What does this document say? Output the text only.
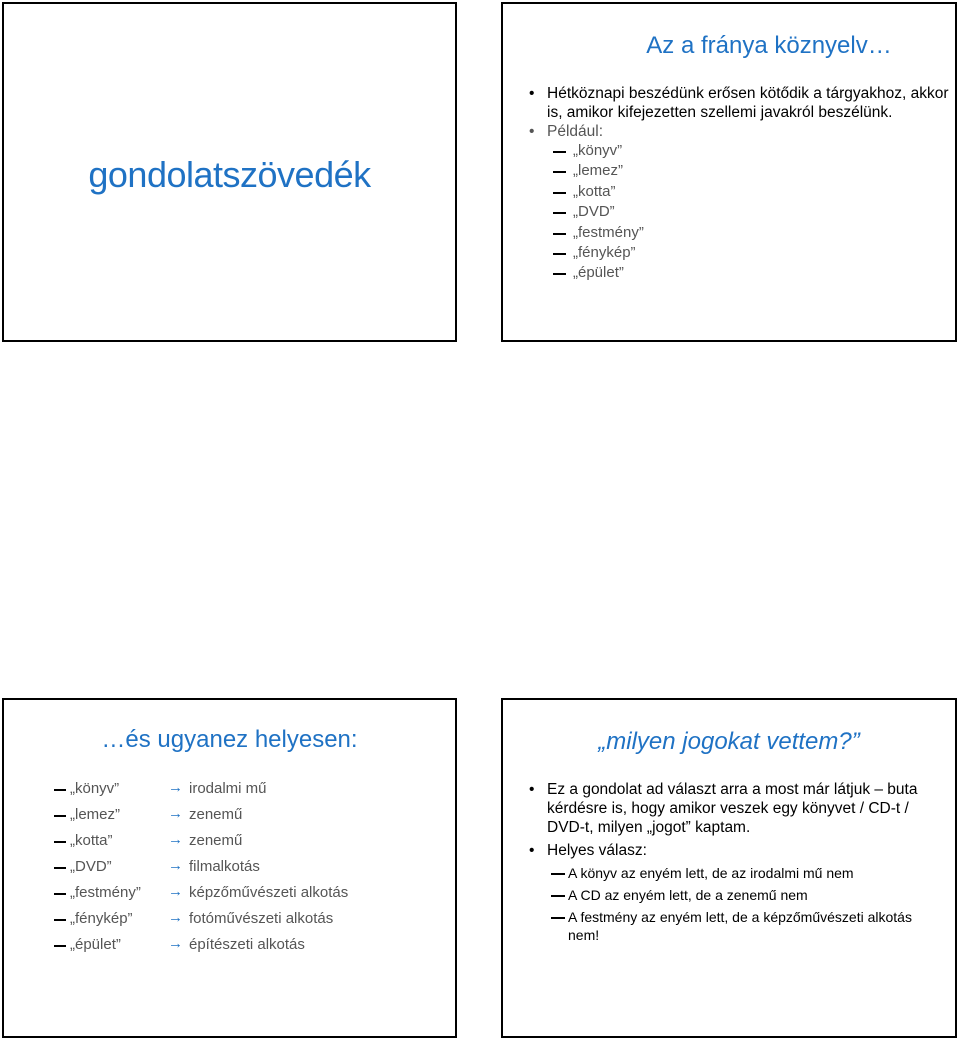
gondolatszövedék
Az a fránya köznyelv…
• Hétköznapi beszédünk erősen kötődik a tárgyakhoz, akkor is, amikor kifejezetten szellemi javakról beszélünk.
• Például:
„könyv”
„lemez”
„kotta”
„DVD”
„festmény”
„fénykép”
„épület”
…és ugyanez helyesen:
„könyv”	→ irodalmi mű
„lemez”	→ zenemű
„kotta”	→ zenemű
„DVD”	→ filmalkotás
„festmény” → képzőművészeti alkotás
„fénykép” → fotóművészeti alkotás
„épület”	→ építészeti alkotás
„milyen jogokat vettem?”
• Ez a gondolat ad választ arra a most már látjuk – buta kérdésre is, hogy amikor veszek egy könyvet / CD-t / DVD-t, milyen „jogot” kaptam.
• Helyes válasz:
A könyv az enyém lett, de az irodalmi mű nem
A CD az enyém lett, de a zenemű nem
A festmény az enyém lett, de a képzőművészeti alkotás nem!
